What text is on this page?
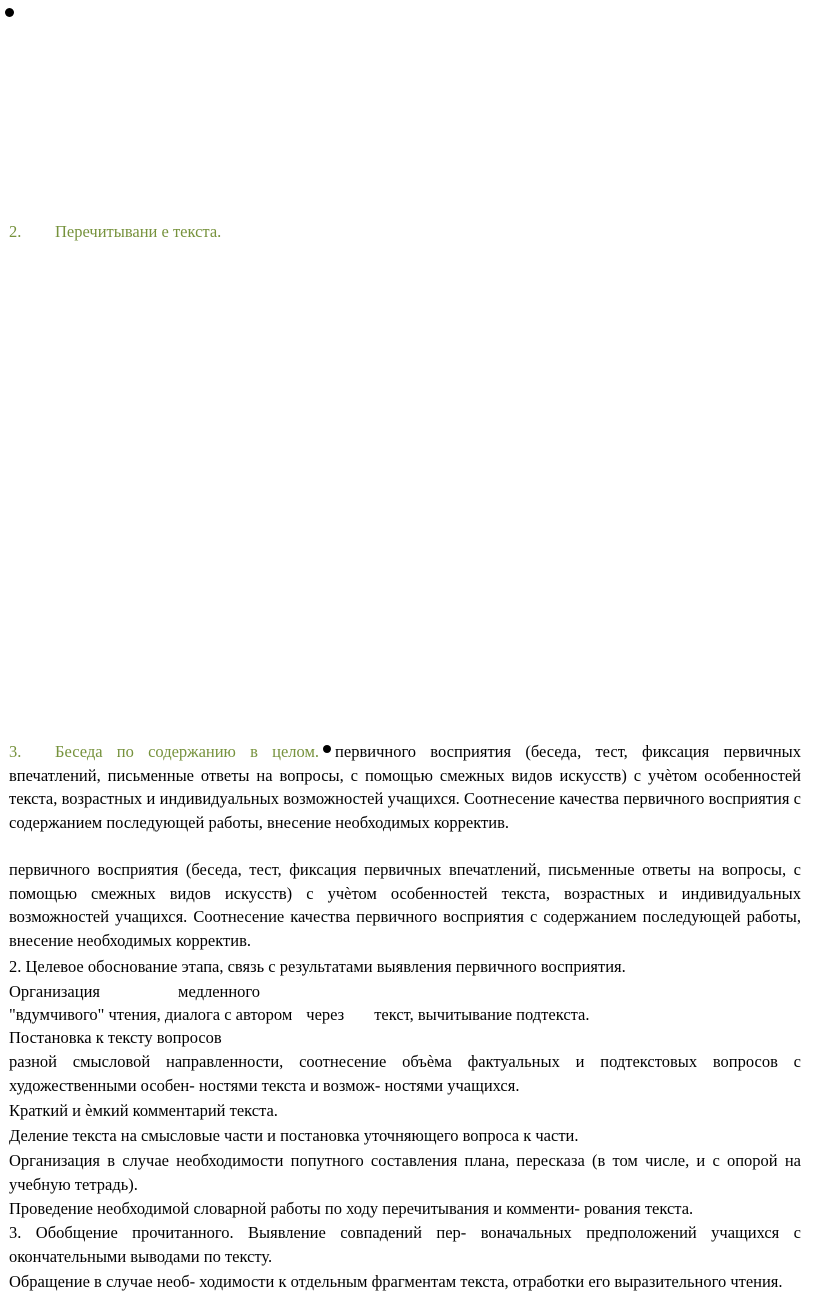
2. Перечитывани е текста.
3. Беседа по содержанию в целом. первичного восприятия (беседа, тест, фиксация первичных впечатлений, письменные ответы на вопросы, с помощью смежных видов искусств) с учѐтом особенностей текста, возрастных и индивидуальных возможностей учащихся. Соотнесение качества первичного восприятия с содержанием последующей работы, внесение необходимых корректив.
первичного восприятия (беседа, тест, фиксация первичных впечатлений, письменные ответы на вопросы, с помощью смежных видов искусств) с учѐтом особенностей текста, возрастных и индивидуальных возможностей учащихся. Соотнесение качества первичного восприятия с содержанием последующей работы, внесение необходимых корректив.
2. Целевое обоснование этапа, связь с результатами выявления первичного восприятия.
Организация	медленного
"вдумчивого" чтения, диалога с автором через текст, вычитывание подтекста.
Постановка к тексту вопросов
разной смысловой направленности, соотнесение объѐма фактуальных и подтекстовых вопросов с художественными особен- ностями текста и возмож- ностями учащихся.
Краткий и ѐмкий комментарий текста.
Деление текста на смысловые части и постановка уточняющего вопроса к части.
Организация в случае необходимости попутного составления плана, пересказа (в том числе, и с опорой на учебную тетрадь).
Проведение необходимой словарной работы по ходу перечитывания и комменти- рования текста.
3. Обобщение прочитанного. Выявление совпадений пер- воначальных предположений учащихся с окончательными выводами по тексту.
Обращение в случае необ- ходимости к отдельным фрагментам текста, отработки его выразительного чтения.
